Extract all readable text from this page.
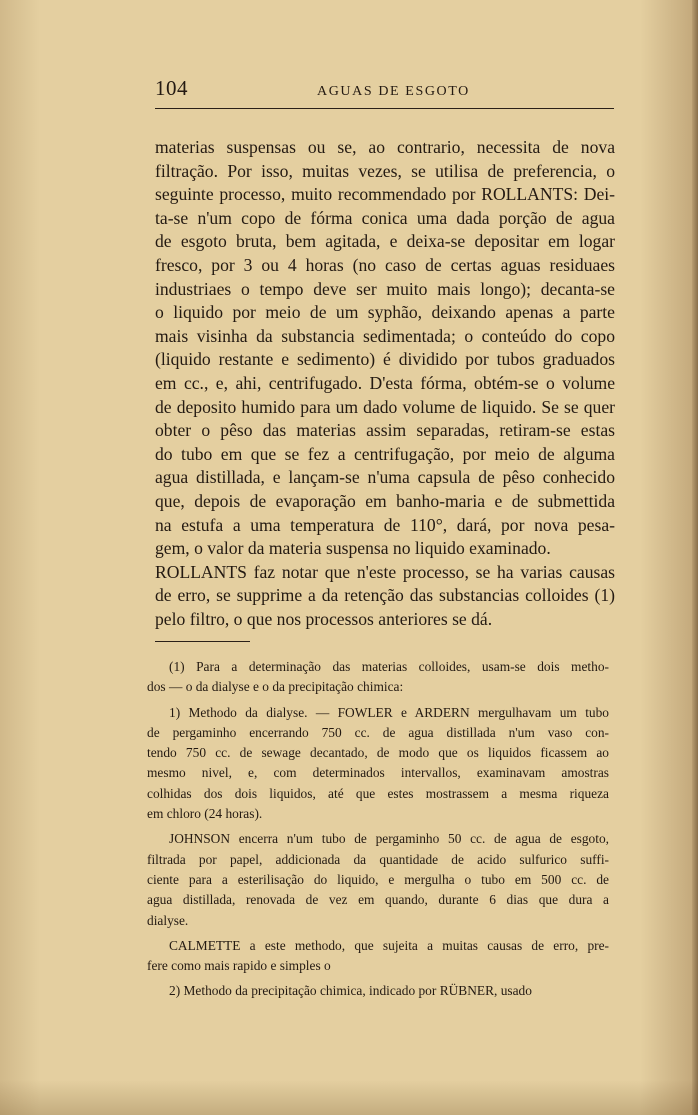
104	AGUAS DE ESGOTO
materias suspensas ou se, ao contrario, necessita de nova
filtração. Por isso, muitas vezes, se utilisa de preferencia, o
seguinte processo, muito recommendado por ROLLANTS: Dei-
ta-se n'um copo de fórma conica uma dada porção de agua
de esgoto bruta, bem agitada, e deixa-se depositar em logar
fresco, por 3 ou 4 horas (no caso de certas aguas residuaes
industriaes o tempo deve ser muito mais longo); decanta-se
o liquido por meio de um syphão, deixando apenas a parte
mais visinha da substancia sedimentada; o conteúdo do copo
(liquido restante e sedimento) é dividido por tubos graduados
em cc., e, ahi, centrifugado. D'esta fórma, obtém-se o volume
de deposito humido para um dado volume de liquido. Se se quer
obter o pêso das materias assim separadas, retiram-se estas
do tubo em que se fez a centrifugação, por meio de alguma
agua distillada, e lançam-se n'uma capsula de pêso conhecido
que, depois de evaporação em banho-maria e de submettida
na estufa a uma temperatura de 110°, dará, por nova pesa-
gem, o valor da materia suspensa no liquido examinado.
ROLLANTS faz notar que n'este processo, se ha varias causas
de erro, se supprime a da retenção das substancias colloides (1)
pelo filtro, o que nos processos anteriores se dá.
(1) Para a determinação das materias colloides, usam-se dois metho-
dos — o da dialyse e o da precipitação chimica:
1) Methodo da dialyse. — FOWLER e ARDERN mergulhavam um tubo
de pergaminho encerrando 750 cc. de agua distillada n'um vaso con-
tendo 750 cc. de sewage decantado, de modo que os liquidos ficassem ao
mesmo nivel, e, com determinados intervallos, examinavam amostras
colhidas dos dois liquidos, até que estes mostrassem a mesma riqueza
em chloro (24 horas).
JOHNSON encerra n'um tubo de pergaminho 50 cc. de agua de esgoto,
filtrada por papel, addicionada da quantidade de acido sulfurico suffi-
ciente para a esterilisação do liquido, e mergulha o tubo em 500 cc. de
agua distillada, renovada de vez em quando, durante 6 dias que dura a
dialyse.
CALMETTE a este methodo, que sujeita a muitas causas de erro, pre-
fere como mais rapido e simples o
2) Methodo da precipitação chimica, indicado por RÜBNER, usado
